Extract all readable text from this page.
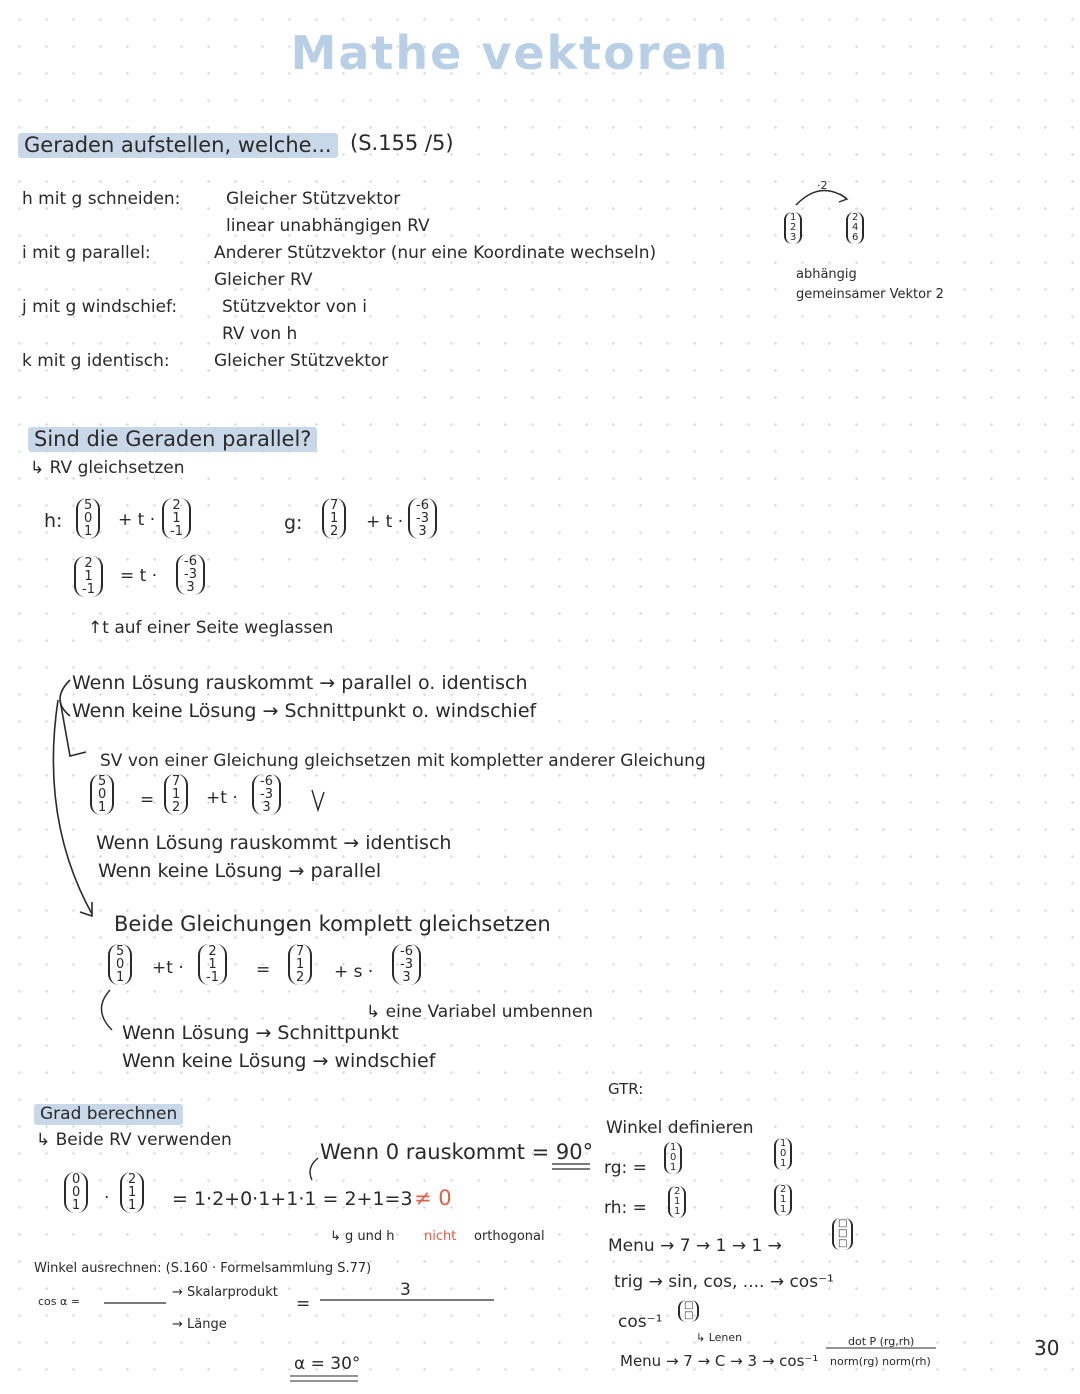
Mathe vektoren
Geraden aufstellen, welche... (S.155 /5)
h mit g schneiden:	Gleicher Stützvektor
linear unabhängigen RV
i mit g parallel:	Anderer Stützvektor (nur eine Koordinate wechseln)
Gleicher RV
j mit g windschief:	Stützvektor von i
RV von h
k mit g identisch:	Gleicher Stützvektor
·2
1
2
3
2
4
6
abhängig
gemeinsamer Vektor 2
Sind die Geraden parallel?
↳ RV gleichsetzen
h:
5
0
1
+ t ·
2
1
-1	g:
7
1
2 + t ·
-6
-3
3
2
1
-1
= t ·
-6
-3
3
↑t auf einer Seite weglassen
Wenn Lösung rauskommt → parallel o. identisch
Wenn keine Lösung → Schnittpunkt o. windschief
SV von einer Gleichung gleichsetzen mit kompletter anderer Gleichung
5
0
1 =
7
1
2 +t ·
-6
-3
3
Wenn Lösung rauskommt → identisch
Wenn keine Lösung → parallel
Beide Gleichungen komplett gleichsetzen
5
0
1 +t ·
2
1
-1 =
7
1
2 + s ·
-6
-3
3
↳ eine Variabel umbennen
Wenn Lösung → Schnittpunkt
Wenn keine Lösung → windschief
Grad berechnen
↳ Beide RV verwenden	Wenn 0 rauskommt = 90°
0
0
1 ·
2
1
1 = 1·2+0·1+1·1 = 2+1=3 ≠ 0
↳ g und h nicht orthogonal
Winkel ausrechnen: (S.160 · Formelsammlung S.77)
cos α =
→ Skalarprodukt
→ Länge
=
3
α = 30°
GTR:
Winkel definieren
rg: =
1
0
1
1
0
1
rh: =
2
1
1
2
1
1
Menu → 7 → 1 → 1 →
□
□
□
trig → sin, cos, .... → cos⁻¹
cos⁻¹
□
□
↳ Lenen
Menu → 7 → C → 3 → cos⁻¹
dot P (rg,rh)
norm(rg) norm(rh)
30
